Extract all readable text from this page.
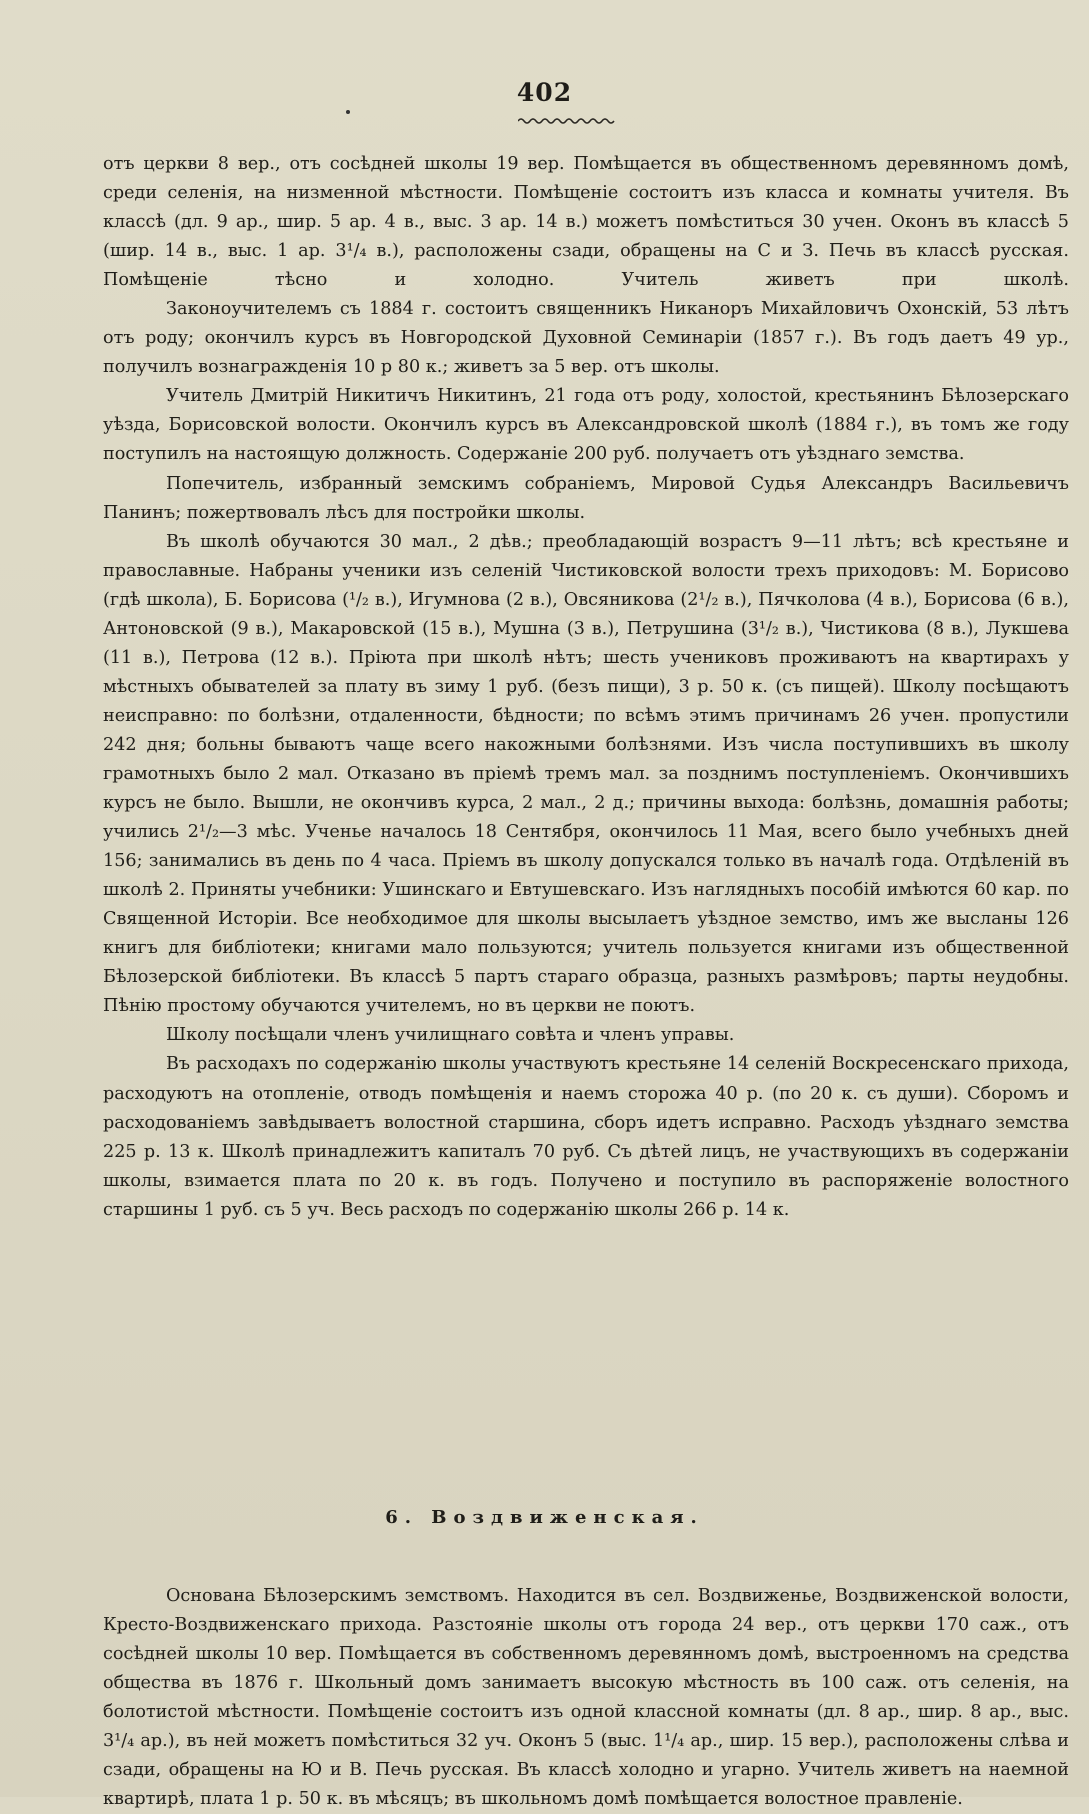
402

отъ церкви 8 вер., отъ сосѣдней школы 19 вер. Помѣщается въ общественномъ деревянномъ домѣ, среди селенія, на низменной мѣстности. Помѣщеніе состоитъ изъ класса и комнаты учителя. Въ классѣ (дл. 9 ар., шир. 5 ар. 4 в., выс. 3 ар. 14 в.) можетъ помѣститься 30 учен. Оконъ въ классѣ 5 (шир. 14 в., выс. 1 ар. 3¹/₄ в.), расположены сзади, обращены на С и З. Печь въ классѣ русская. Помѣщеніе тѣсно и холодно. Учитель живетъ при школѣ.

Законоучителемъ съ 1884 г. состоитъ священникъ Никаноръ Михайловичъ Охонскій, 53 лѣтъ отъ роду; окончилъ курсъ въ Новгородской Духовной Семинаріи (1857 г.). Въ годъ даетъ 49 ур., получилъ вознагражденія 10 р 80 к.; живетъ за 5 вер. отъ школы.

Учитель Дмитрій Никитичъ Никитинъ, 21 года отъ роду, холостой, крестьянинъ Бѣлозерскаго уѣзда, Борисовской волости. Окончилъ курсъ въ Александровской школѣ (1884 г.), въ томъ же году поступилъ на настоящую должность. Содержаніе 200 руб. получаетъ отъ уѣзднаго земства.

Попечитель, избранный земскимъ собраніемъ, Мировой Судья Александръ Васильевичъ Панинъ; пожертвовалъ лѣсъ для постройки школы.

Въ школѣ обучаются 30 мал., 2 дѣв.; преобладающій возрастъ 9—11 лѣтъ; всѣ крестьяне и православные. Набраны ученики изъ селеній Чистиковской волости трехъ приходовъ: М. Борисово (гдѣ школа), Б. Борисова (¹/₂ в.), Игумнова (2 в.), Овсяникова (2¹/₂ в.), Пячколова (4 в.), Борисова (6 в.), Антоновской (9 в.), Макаровской (15 в.), Мушна (3 в.), Петрушина (3¹/₂ в.), Чистикова (8 в.), Лукшева (11 в.), Петрова (12 в.). Пріюта при школѣ нѣтъ; шесть учениковъ проживаютъ на квартирахъ у мѣстныхъ обывателей за плату въ зиму 1 руб. (безъ пищи), 3 р. 50 к. (съ пищей). Школу посѣщаютъ неисправно: по болѣзни, отдаленности, бѣдности; по всѣмъ этимъ причинамъ 26 учен. пропустили 242 дня; больны бываютъ чаще всего накожными болѣзнями. Изъ числа поступившихъ въ школу грамотныхъ было 2 мал. Отказано въ пріемѣ тремъ мал. за позднимъ поступленіемъ. Окончившихъ курсъ не было. Вышли, не окончивъ курса, 2 мал., 2 д.; причины выхода: болѣзнь, домашнія работы; учились 2¹/₂—3 мѣс. Ученье началось 18 Сентября, окончилось 11 Мая, всего было учебныхъ дней 156; занимались въ день по 4 часа. Пріемъ въ школу допускался только въ началѣ года. Отдѣленій въ школѣ 2. Приняты учебники: Ушинскаго и Евтушевскаго. Изъ наглядныхъ пособій имѣются 60 кар. по Священной Исторіи. Все необходимое для школы высылаетъ уѣздное земство, имъ же высланы 126 книгъ для библіотеки; книгами мало пользуются; учитель пользуется книгами изъ общественной Бѣлозерской библіотеки. Въ классѣ 5 партъ стараго образца, разныхъ размѣровъ; парты неудобны. Пѣнію простому обучаются учителемъ, но въ церкви не поютъ.

Школу посѣщали членъ училищнаго совѣта и членъ управы.

Въ расходахъ по содержанію школы участвуютъ крестьяне 14 селеній Воскресенскаго прихода, расходуютъ на отопленіе, отводъ помѣщенія и наемъ сторожа 40 р. (по 20 к. съ души). Сборомъ и расходованіемъ завѣдываетъ волостной старшина, сборъ идетъ исправно. Расходъ уѣзднаго земства 225 р. 13 к. Школѣ принадлежитъ капиталъ 70 руб. Съ дѣтей лицъ, не участвующихъ въ содержаніи школы, взимается плата по 20 к. въ годъ. Получено и поступило въ распоряженіе волостного старшины 1 руб. съ 5 уч. Весь расходъ по содержанію школы 266 р. 14 к.

6. Воздвиженская.

Основана Бѣлозерскимъ земствомъ. Находится въ сел. Воздвиженье, Воздвиженской волости, Кресто-Воздвиженскаго прихода. Разстояніе школы отъ города 24 вер., отъ церкви 170 саж., отъ сосѣдней школы 10 вер. Помѣщается въ собственномъ деревянномъ домѣ, выстроенномъ на средства общества въ 1876 г. Школьный домъ занимаетъ высокую мѣстность въ 100 саж. отъ селенія, на болотистой мѣстности. Помѣщеніе состоитъ изъ одной классной комнаты (дл. 8 ар., шир. 8 ар., выс. 3¹/₄ ар.), въ ней можетъ помѣститься 32 уч. Оконъ 5 (выс. 1¹/₄ ар., шир. 15 вер.), расположены слѣва и сзади, обращены на Ю и В. Печь русская. Въ классѣ холодно и угарно. Учитель живетъ на наемной квартирѣ, плата 1 р. 50 к. въ мѣсяцъ; въ школьномъ домѣ помѣщается волостное правленіе.
